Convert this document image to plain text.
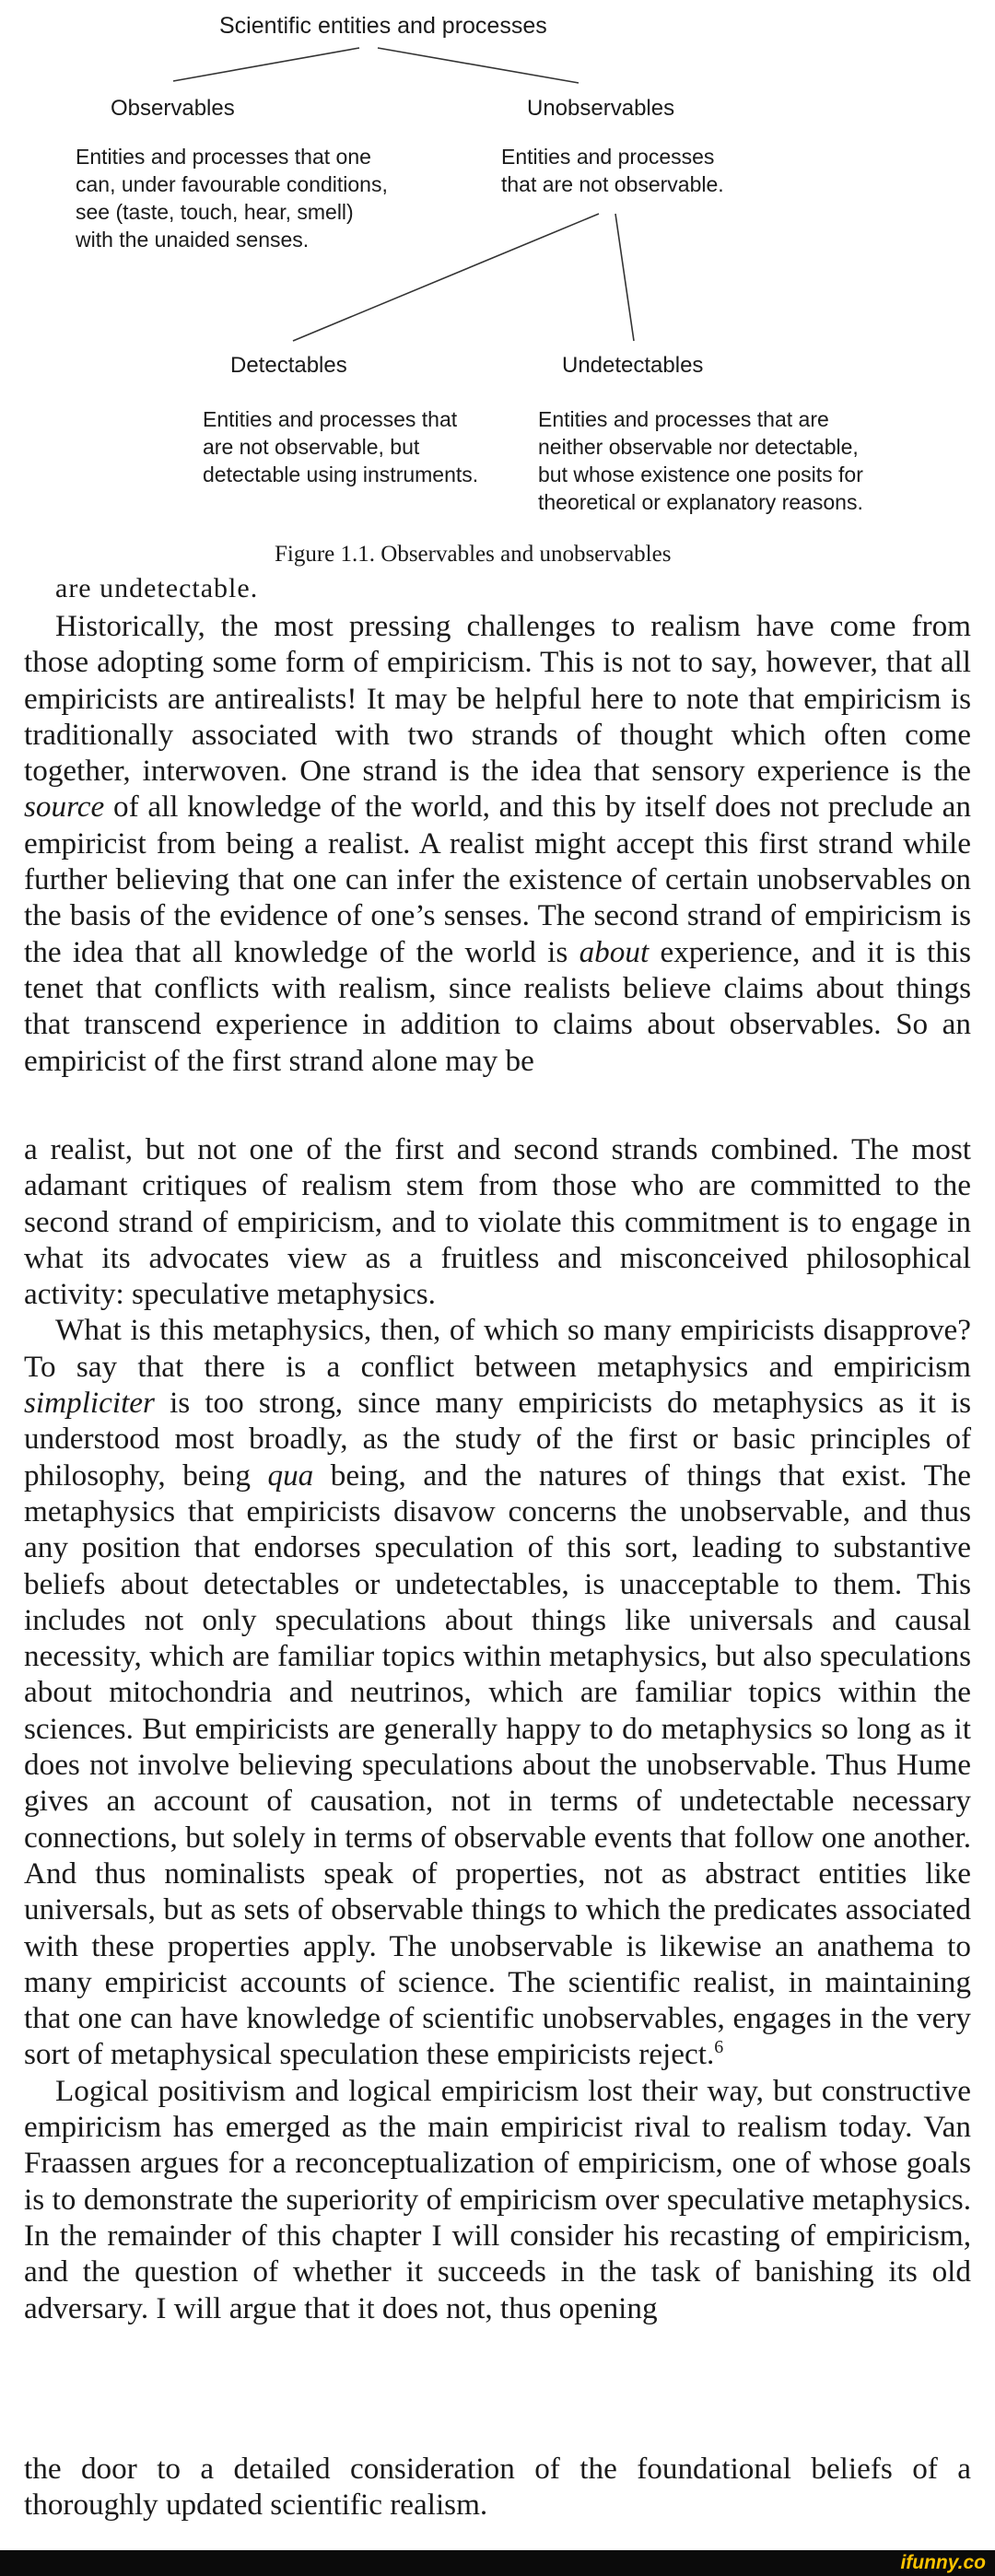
Scientific entities and processes
Observables
Entities and processes that one
can, under favourable conditions,
see (taste, touch, hear, smell)
with the unaided senses.
Unobservables
Entities and processes
that are not observable.
Detectables
Entities and processes that
are not observable, but
detectable using instruments.
Undetectables
Entities and processes that are
neither observable nor detectable,
but whose existence one posits for
theoretical or explanatory reasons.
Figure 1.1. Observables and unobservables
are undetectable.

Historically, the most pressing challenges to realism have come from those adopting some form of empiricism. This is not to say, however, that all empiricists are antirealists! It may be helpful here to note that empiricism is traditionally associated with two strands of thought which often come together, interwoven. One strand is the idea that sensory experience is the source of all knowledge of the world, and this by itself does not preclude an empiricist from being a realist. A realist might accept this first strand while further believing that one can infer the existence of certain unobservables on the basis of the evidence of one’s senses. The second strand of empiricism is the idea that all knowledge of the world is about experience, and it is this tenet that conflicts with realism, since realists believe claims about things that transcend experience in addition to claims about observables. So an empiricist of the first strand alone may be

a realist, but not one of the first and second strands combined. The most adamant critiques of realism stem from those who are committed to the second strand of empiricism, and to violate this commitment is to engage in what its advocates view as a fruitless and misconceived philosophical activity: speculative metaphysics.

What is this metaphysics, then, of which so many empiricists disapprove? To say that there is a conflict between metaphysics and empiricism simpliciter is too strong, since many empiricists do metaphysics as it is understood most broadly, as the study of the first or basic principles of philosophy, being qua being, and the natures of things that exist. The metaphysics that empiricists disavow concerns the unobservable, and thus any position that endorses speculation of this sort, leading to substantive beliefs about detectables or undetectables, is unacceptable to them. This includes not only speculations about things like universals and causal necessity, which are familiar topics within metaphysics, but also speculations about mitochondria and neutrinos, which are familiar topics within the sciences. But empiricists are generally happy to do metaphysics so long as it does not involve believing speculations about the unobservable. Thus Hume gives an account of causation, not in terms of undetectable necessary connections, but solely in terms of observable events that follow one another. And thus nominalists speak of properties, not as abstract entities like universals, but as sets of observable things to which the predicates associated with these properties apply. The unobservable is likewise an anathema to many empiricist accounts of science. The scientific realist, in maintaining that one can have knowledge of scientific unobservables, engages in the very sort of metaphysical speculation these empiricists reject.$^6$

Logical positivism and logical empiricism lost their way, but constructive empiricism has emerged as the main empiricist rival to realism today. Van Fraassen argues for a reconceptualization of empiricism, one of whose goals is to demonstrate the superiority of empiricism over speculative metaphysics. In the remainder of this chapter I will consider his recasting of empiricism, and the question of whether it succeeds in the task of banishing its old adversary. I will argue that it does not, thus opening

the door to a detailed consideration of the foundational beliefs of a thoroughly updated scientific realism.

ifunny.co
